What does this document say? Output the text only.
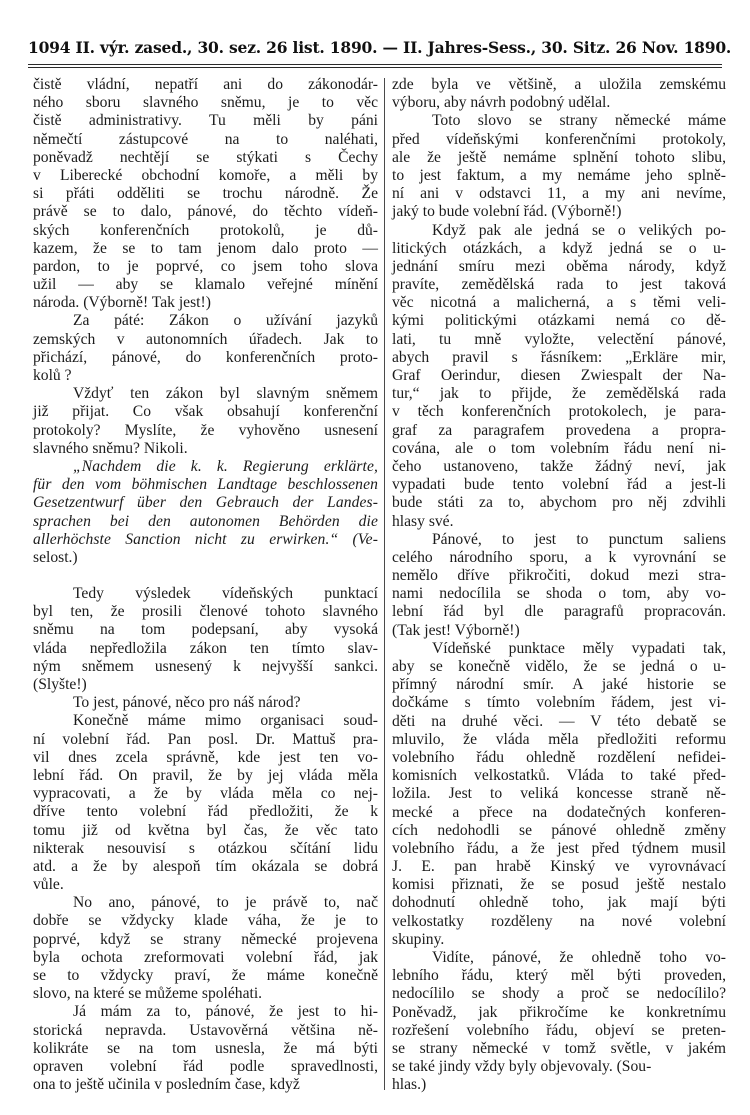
1094 II. výr. zased., 30. sez. 26 list. 1890. — II. Jahres-Sess., 30. Sitz. 26 Nov. 1890.
čistě vládní, nepatří ani do zákonodár-
ného sboru slavného sněmu, je to věc
čistě administrativy. Tu měli by páni
němečtí zástupcové na to naléhati,
poněvadž nechtějí se stýkati s Čechy
v Liberecké obchodní komoře, a měli by
si přáti odděliti se trochu národně. Že
právě se to dalo, pánové, do těchto vídeň-
ských konferenčních protokolů, je dů-
kazem, že se to tam jenom dalo proto —
pardon, to je poprvé, co jsem toho slova
užil — aby se klamalo veřejné mínění
národa. (Výborně! Tak jest!)
Za páté: Zákon o užívání jazyků
zemských v autonomních úřadech. Jak to
přichází, pánové, do konferenčních proto-
kolů ?
Vždyť ten zákon byl slavným sněmem
již přijat. Co však obsahují konferenční
protokoly? Myslíte, že vyhověno usnesení
slavného sněmu? Nikoli.
„Nachdem die k. k. Regierung erklärte,
für den vom böhmischen Landtage beschlossenen
Gesetzentwurf über den Gebrauch der Landes-
sprachen bei den autonomen Behörden die
allerhöchste Sanction nicht zu erwirken.“ (Ve-
selost.)
Tedy výsledek vídeňských punktací
byl ten, že prosili členové tohoto slavného
sněmu na tom podepsaní, aby vysoká
vláda nepředložila zákon ten tímto slav-
ným sněmem usnesený k nejvyšší sankci.
(Slyšte!)
To jest, pánové, něco pro náš národ?
Konečně máme mimo organisaci soud-
ní volební řád. Pan posl. Dr. Mattuš pra-
vil dnes zcela správně, kde jest ten vo-
lební řád. On pravil, že by jej vláda měla
vypracovati, a že by vláda měla co nej-
dříve tento volební řád předložiti, že k
tomu již od května byl čas, že věc tato
nikterak nesouvisí s otázkou sčítání lidu
atd. a že by alespoň tím okázala se dobrá
vůle.
No ano, pánové, to je právě to, nač
dobře se vždycky klade váha, že je to
poprvé, když se strany německé projevena
byla ochota zreformovati volební řád, jak
se to vždycky praví, že máme konečně
slovo, na které se můžeme spoléhati.
Já mám za to, pánové, že jest to hi-
storická nepravda. Ustavověrná většina ně-
kolikráte se na tom usnesla, že má býti
opraven volební řád podle spravedlnosti,
ona to ještě učinila v posledním čase, když
zde byla ve většině, a uložila zemskému
výboru, aby návrh podobný udělal.
Toto slovo se strany německé máme
před vídeňskými konferenčními protokoly,
ale že ještě nemáme splnění tohoto slibu,
to jest faktum, a my nemáme jeho splně-
ní ani v odstavci 11, a my ani nevíme,
jaký to bude volební řád. (Výborně!)
Když pak ale jedná se o velikých po-
litických otázkách, a když jedná se o u-
jednání smíru mezi oběma národy, když
pravíte, zemědělská rada to jest taková
věc nicotná a malicherná, a s těmi veli-
kými politickými otázkami nemá co dě-
lati, tu mně vyložte, velectění pánové,
abych pravil s řásníkem: „Erkläre mir,
Graf Oerindur, diesen Zwiespalt der Na-
tur,“ jak to přijde, že zemědělská rada
v těch konferenčních protokolech, je para-
graf za paragrafem provedena a propra-
cována, ale o tom volebním řádu není ni-
čeho ustanoveno, takže žádný neví, jak
vypadati bude tento volební řád a jest-li
bude státi za to, abychom pro něj zdvihli
hlasy své.
Pánové, to jest to punctum saliens
celého národního sporu, a k vyrovnání se
nemělo dříve přikročiti, dokud mezi stra-
nami nedocílila se shoda o tom, aby vo-
lební řád byl dle paragrafů propracován.
(Tak jest! Výborně!)
Vídeňské punktace měly vypadati tak,
aby se konečně vidělo, že se jedná o u-
přímný národní smír. A jaké historie se
dočkáme s tímto volebním řádem, jest vi-
děti na druhé věci. — V této debatě se
mluvilo, že vláda měla předložiti reformu
volebního řádu ohledně rozdělení nefidei-
komisních velkostatků. Vláda to také před-
ložila. Jest to veliká koncesse straně ně-
mecké a přece na dodatečných konferen-
cích nedohodli se pánové ohledně změny
volebního řádu, a že jest před týdnem musil
J. E. pan hrabě Kinský ve vyrovnávací
komisi přiznati, že se posud ještě nestalo
dohodnutí ohledně toho, jak mají býti
velkostatky rozděleny na nové volební
skupiny.
Vidíte, pánové, že ohledně toho vo-
lebního řádu, který měl býti proveden,
nedocílilo se shody a proč se nedocílilo?
Poněvadž, jak přikročíme ke konkretnímu
rozřešení volebního řádu, objeví se preten-
se strany německé v tomž světle, v jakém
se také jindy vždy byly objevovaly. (Sou-
hlas.)
